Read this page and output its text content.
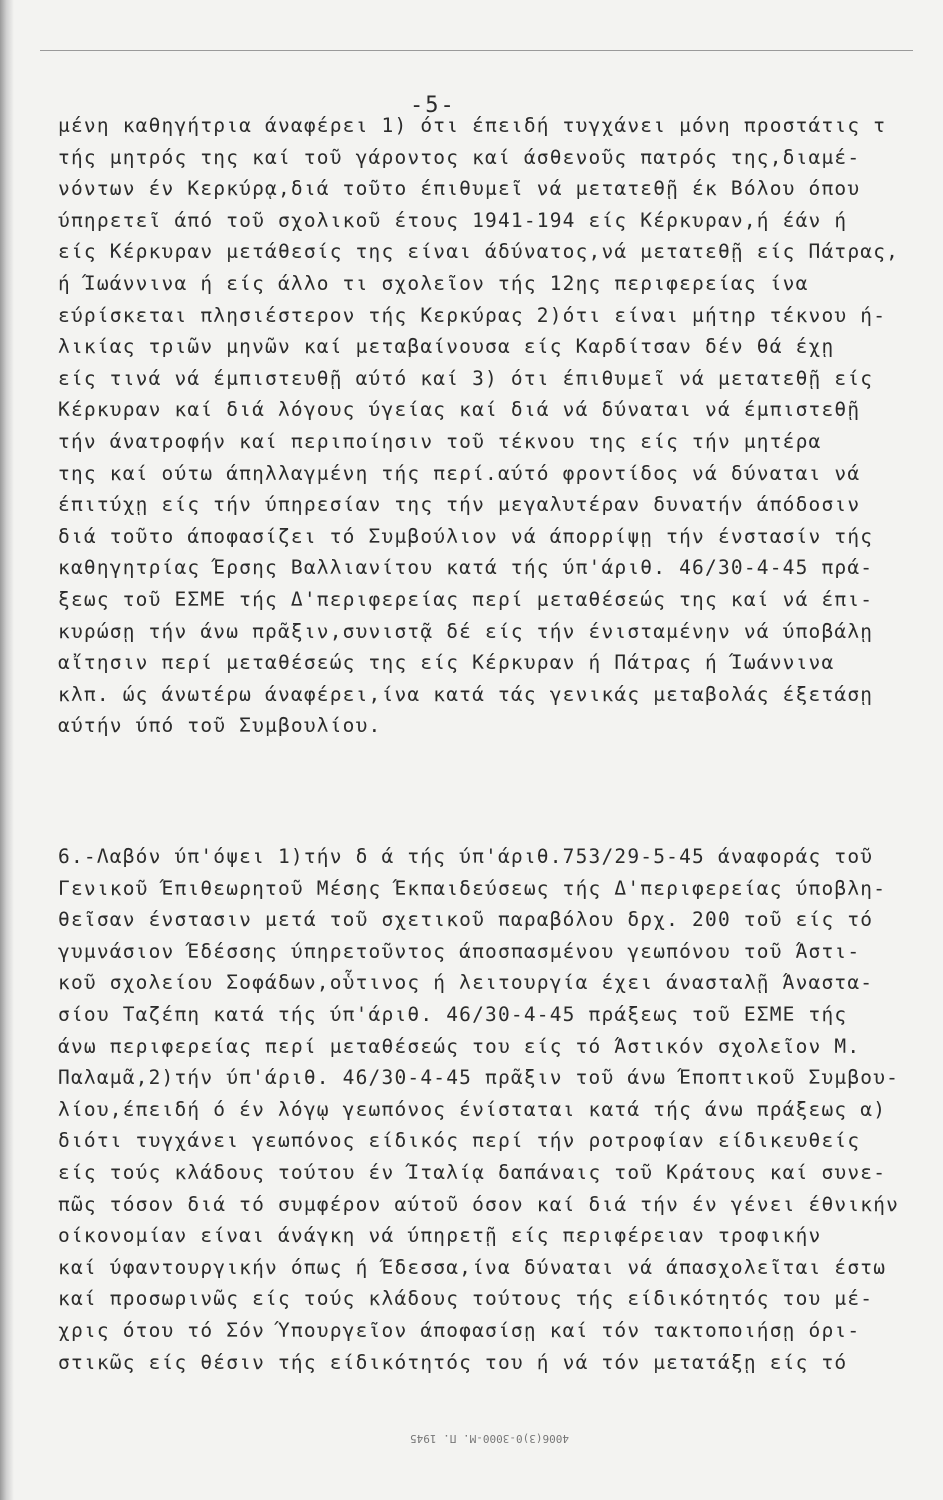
-5-
μένη καθηγήτρια άναφέρει 1) ότι έπειδή τυγχάνει μόνη προστάτις τ
τής μητρός της καί τοῦ γάροντος καί άσθενοῦς πατρός της,διαμέ-
νόντων έν Κερκύρᾳ,διά τοῦτο έπιθυμεῖ νά μετατεθῇ έκ Βόλου όπου
ύπηρετεῖ άπό τοῦ σχολικοῦ έτους 1941-194 είς Κέρκυραν,ή έάν ή
είς Κέρκυραν μετάθεσίς της είναι άδύνατος,νά μετατεθῇ είς Πάτρας,
ή Ίωάννινα ή είς άλλο τι σχολεῖον τής 12ης περιφερείας ίνα
εύρίσκεται πλησιέστερον τής Κερκύρας 2)ότι είναι μήτηρ τέκνου ή-
λικίας τριῶν μηνῶν καί μεταβαίνουσα είς Καρδίτσαν δέν θά έχῃ
είς τινά νά έμπιστευθῇ αύτό καί 3) ότι έπιθυμεῖ νά μετατεθῇ είς
Κέρκυραν καί διά λόγους ύγείας καί διά νά δύναται νά έμπιστεθῇ
τήν άνατροφήν καί περιποίησιν τοῦ τέκνου της είς τήν μητέρα
της καί ούτω άπηλλαγμένη τής περί.αύτό φροντίδος νά δύναται νά
έπιτύχῃ είς τήν ύπηρεσίαν της τήν μεγαλυτέραν δυνατήν άπόδοσιν
διά τοῦτο άποφασίζει τό Συμβούλιον νά άπορρίψῃ τήν ένστασίν τής
καθηγητρίας Έρσης Βαλλιανίτου κατά τής ύπ'άριθ. 46/30-4-45 πρά-
ξεως τοῦ ΕΣΜΕ τής Δ'περιφερείας περί μεταθέσεώς της καί νά έπι-
κυρώσῃ τήν άνω πρᾶξιν,συνιστᾷ δέ είς τήν ένισταμένην νά ύποβάλῃ
αἴτησιν περί μεταθέσεώς της είς Κέρκυραν ή Πάτρας ή Ίωάννινα
κλπ. ώς άνωτέρω άναφέρει,ίνα κατά τάς γενικάς μεταβολάς έξετάσῃ
αύτήν ύπό τοῦ Συμβουλίου.
6.-Λαβόν ύπ'όψει 1)τήν δ ά τής ύπ'άριθ.753/29-5-45 άναφοράς τοῦ
Γενικοῦ Έπιθεωρητοῦ Μέσης Έκπαιδεύσεως τής Δ'περιφερείας ύποβλη-
θεῖσαν ένστασιν μετά τοῦ σχετικοῦ παραβόλου δρχ. 200 τοῦ είς τό
γυμνάσιον Έδέσσης ύπηρετοῦντος άποσπασμένου γεωπόνου τοῦ Άστι-
κοῦ σχολείου Σοφάδων,οὗτινος ή λειτουργία έχει άνασταλῇ Άναστα-
σίου Ταζέπη κατά τής ύπ'άριθ. 46/30-4-45 πράξεως τοῦ ΕΣΜΕ τής
άνω περιφερείας περί μεταθέσεώς του είς τό Άστικόν σχολεῖον Μ.
Παλαμᾶ,2)τήν ύπ'άριθ. 46/30-4-45 πρᾶξιν τοῦ άνω Έποπτικοῦ Συμβου-
λίου,έπειδή ό έν λόγῳ γεωπόνος ένίσταται κατά τής άνω πράξεως α)
διότι τυγχάνει γεωπόνος είδικός περί τήν ροτροφίαν είδικευθείς
είς τούς κλάδους τούτου έν Ίταλίᾳ δαπάναις τοῦ Κράτους καί συνε-
πῶς τόσον διά τό συμφέρον αύτοῦ όσον καί διά τήν έν γένει έθνικήν
οίκονομίαν είναι άνάγκη νά ύπηρετῇ είς περιφέρειαν τροφικήν
καί ύφαντουργικήν όπως ή Έδεσσα,ίνα δύναται νά άπασχολεῖται έστω
καί προσωρινῶς είς τούς κλάδους τούτους τής είδικότητός του μέ-
χρις ότου τό Σόν Ύπουργεῖον άποφασίσῃ καί τόν τακτοποιήσῃ όρι-
στικῶς είς θέσιν τής είδικότητός του ή νά τόν μετατάξῃ είς τό
4006(3)0-3000-M. Π. 1945
